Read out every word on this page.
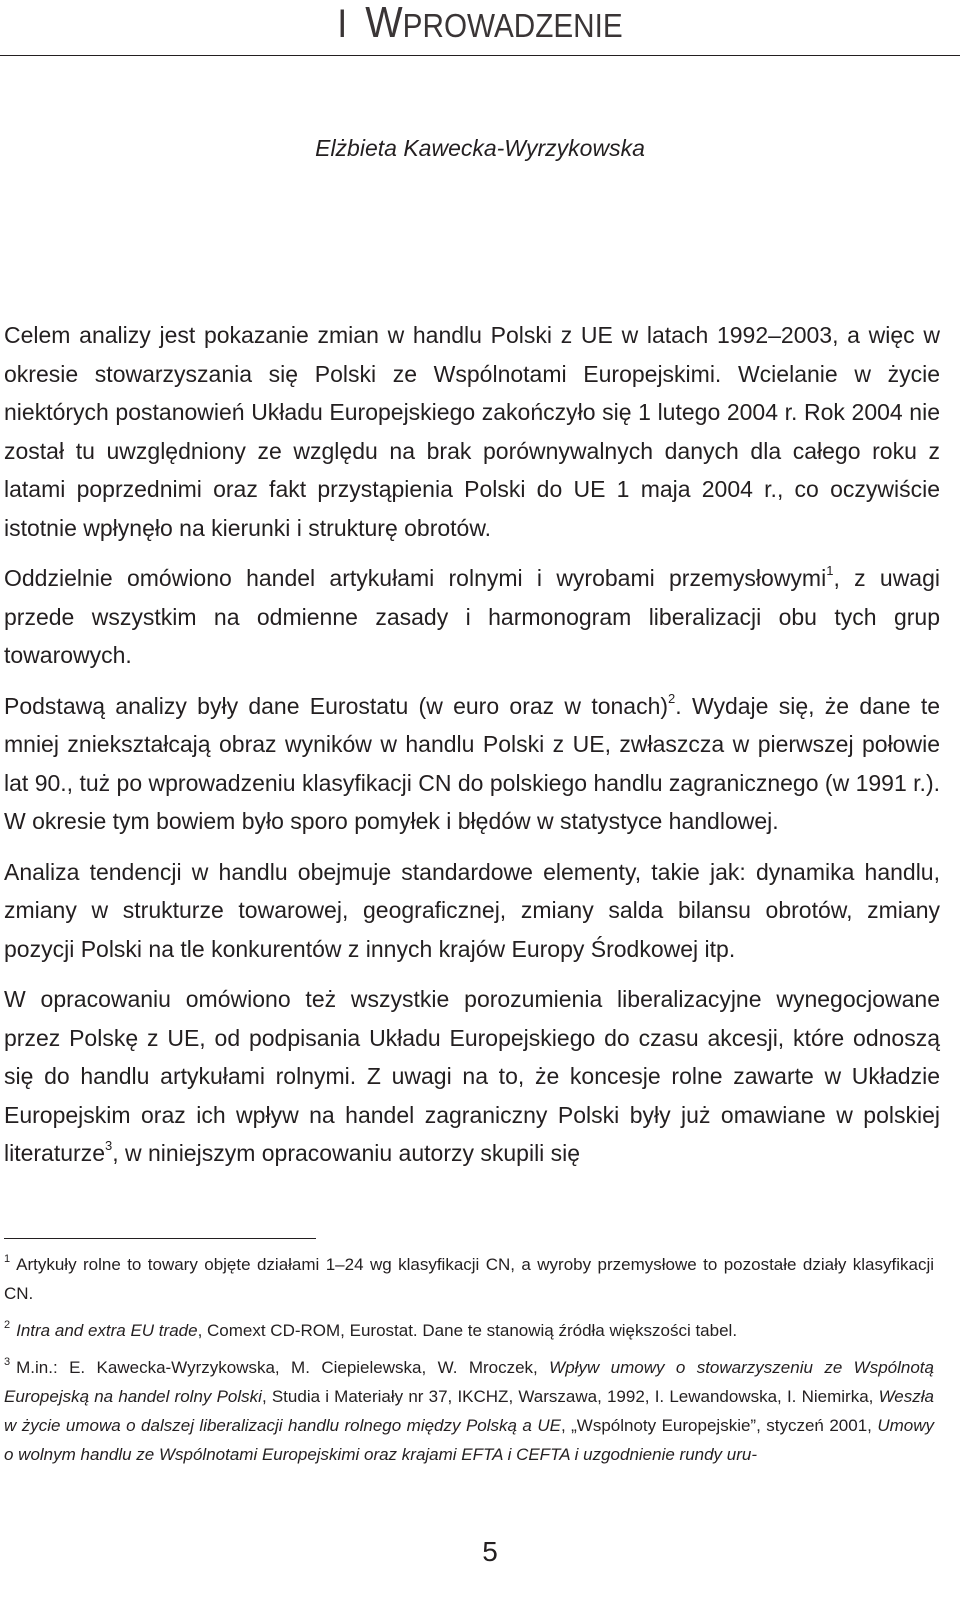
I WPROWADZENIE
Elżbieta Kawecka-Wyrzykowska

Celem analizy jest pokazanie zmian w handlu Polski z UE w latach 1992–2003, a więc w okresie stowarzyszania się Polski ze Wspólnotami Europejskimi. Wcielanie w życie niektórych postanowień Układu Europejskiego zakończyło się 1 lutego 2004 r. Rok 2004 nie został tu uwzględniony ze względu na brak porównywalnych danych dla całego roku z latami poprzednimi oraz fakt przystąpienia Polski do UE 1 maja 2004 r., co oczywiście istotnie wpłynęło na kierunki i strukturę obrotów.

Oddzielnie omówiono handel artykułami rolnymi i wyrobami przemysłowymi$^1$, z uwagi przede wszystkim na odmienne zasady i harmonogram liberalizacji obu tych grup towarowych.

Podstawą analizy były dane Eurostatu (w euro oraz w tonach)$^2$. Wydaje się, że dane te mniej zniekształcają obraz wyników w handlu Polski z UE, zwłaszcza w pierwszej połowie lat 90., tuż po wprowadzeniu klasyfikacji CN do polskiego handlu zagranicznego (w 1991 r.). W okresie tym bowiem było sporo pomyłek i błędów w statystyce handlowej.

Analiza tendencji w handlu obejmuje standardowe elementy, takie jak: dynamika handlu, zmiany w strukturze towarowej, geograficznej, zmiany salda bilansu obrotów, zmiany pozycji Polski na tle konkurentów z innych krajów Europy Środkowej itp.

W opracowaniu omówiono też wszystkie porozumienia liberalizacyjne wynegocjowane przez Polskę z UE, od podpisania Układu Europejskiego do czasu akcesji, które odnoszą się do handlu artykułami rolnymi. Z uwagi na to, że koncesje rolne zawarte w Układzie Europejskim oraz ich wpływ na handel zagraniczny Polski były już omawiane w polskiej literaturze$^3$, w niniejszym opracowaniu autorzy skupili się

$^1$ Artykuły rolne to towary objęte działami 1–24 wg klasyfikacji CN, a wyroby przemysłowe to pozostałe działy klasyfikacji CN.

$^2$ Intra and extra EU trade, Comext CD-ROM, Eurostat. Dane te stanowią źródła większości tabel.

$^3$ M.in.: E. Kawecka-Wyrzykowska, M. Ciepielewska, W. Mroczek, Wpływ umowy o stowarzyszeniu ze Wspólnotą Europejską na handel rolny Polski, Studia i Materiały nr 37, IKCHZ, Warszawa, 1992, I. Lewandowska, I. Niemirka, Weszła w życie umowa o dalszej liberalizacji handlu rolnego między Polską a UE, „Wspólnoty Europejskie”, styczeń 2001, Umowy o wolnym handlu ze Wspólnotami Europejskimi oraz krajami EFTA i CEFTA i uzgodnienie rundy uru-

5
